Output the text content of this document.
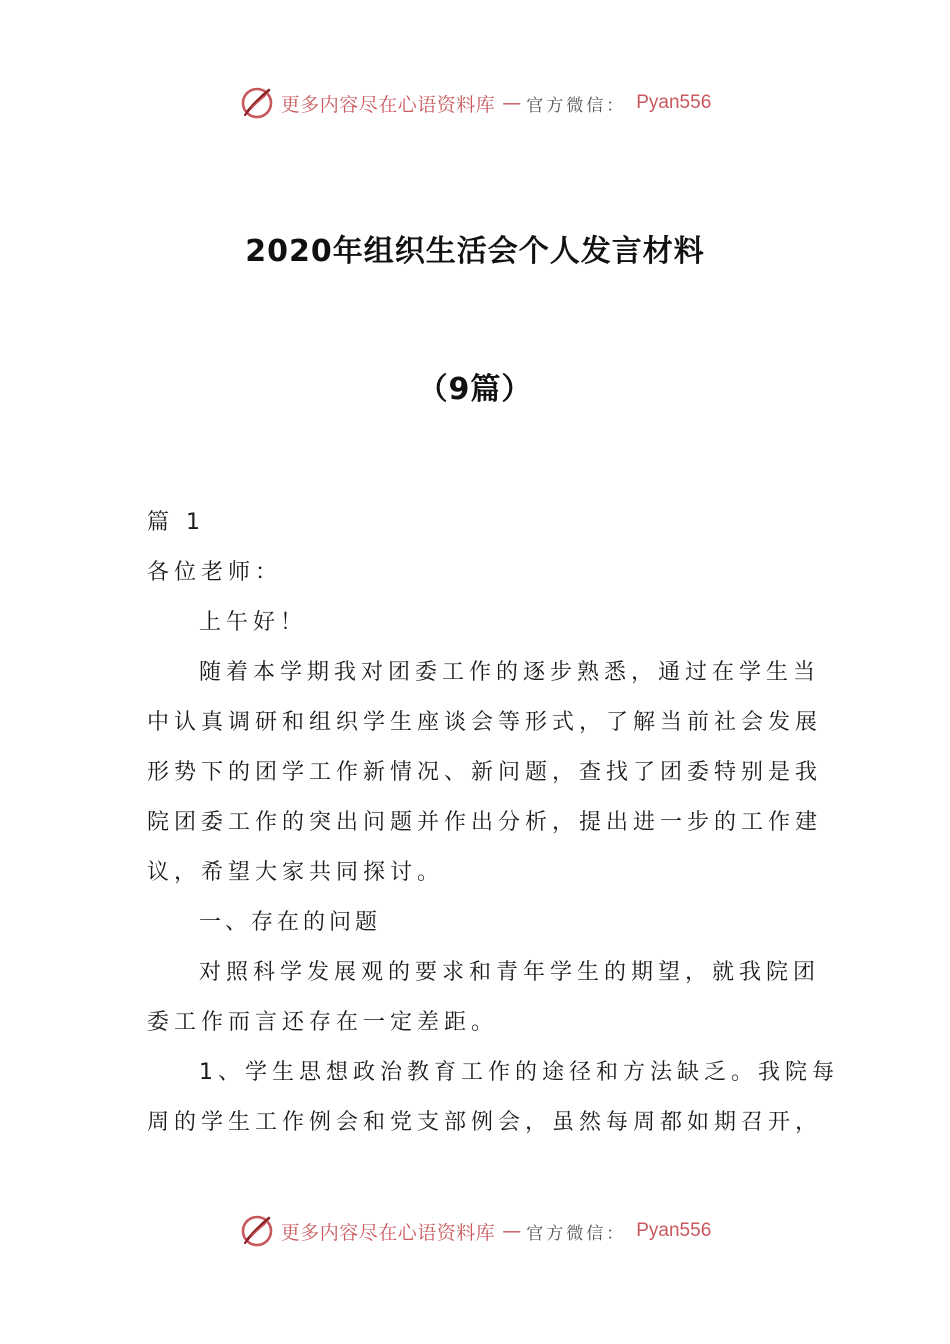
更多内容尽在心语资料库 — 官方微信： Pyan556
2020年组织生活会个人发言材料
（9篇）
篇 1
各位老师：
上午好！
随着本学期我对团委工作的逐步熟悉，通过在学生当
中认真调研和组织学生座谈会等形式，了解当前社会发展
形势下的团学工作新情况、新问题，查找了团委特别是我
院团委工作的突出问题并作出分析，提出进一步的工作建
议，希望大家共同探讨。
一、存在的问题
对照科学发展观的要求和青年学生的期望，就我院团
委工作而言还存在一定差距。
1、学生思想政治教育工作的途径和方法缺乏。我院每
周的学生工作例会和党支部例会，虽然每周都如期召开，
更多内容尽在心语资料库 — 官方微信： Pyan556
